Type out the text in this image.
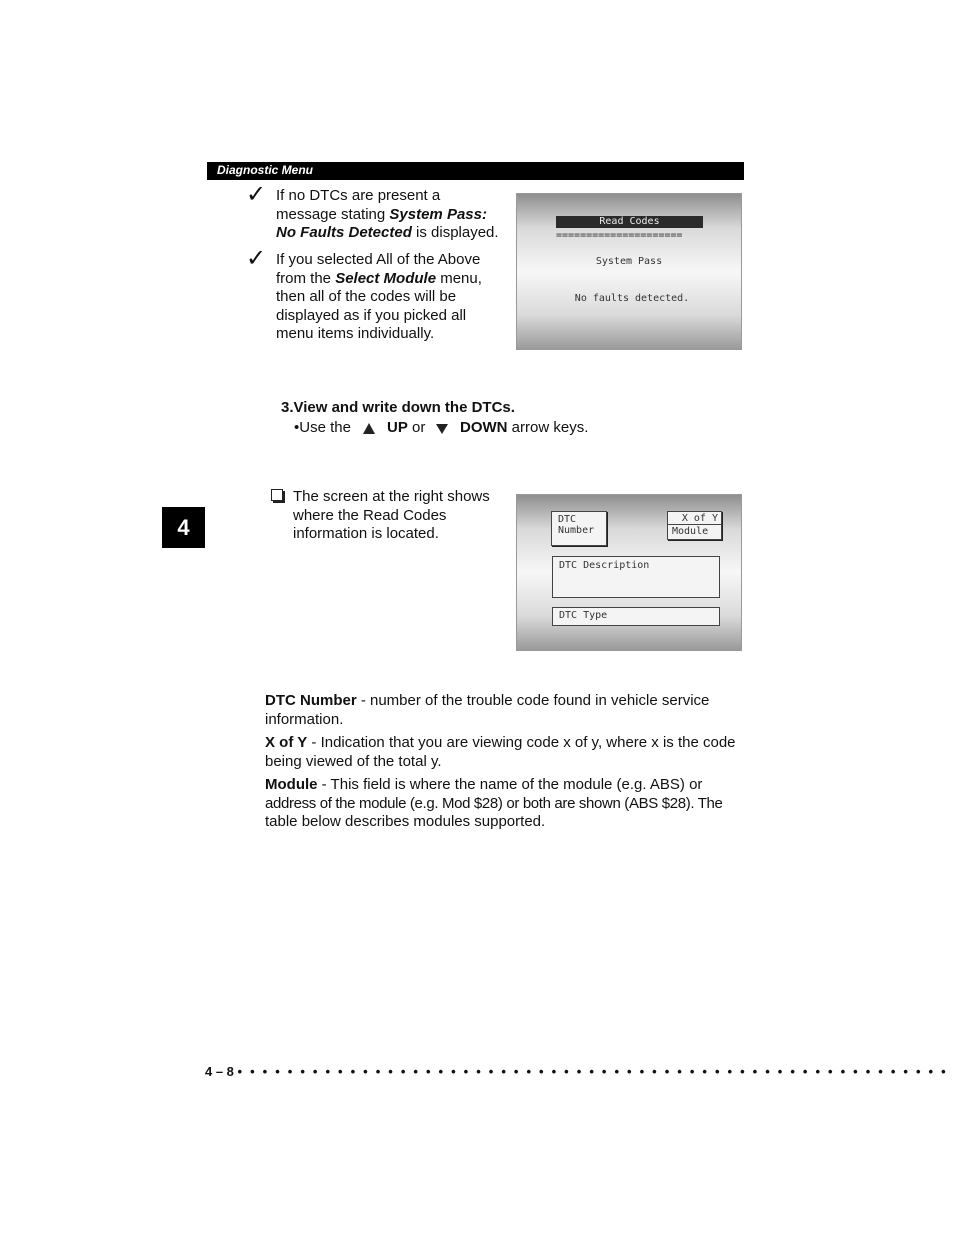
Diagnostic Menu
✓ If no DTCs are present a
message stating System Pass:
No Faults Detected is displayed.
✓ If you selected All of the Above
from the Select Module menu,
then all of the codes will be
displayed as if you picked all
menu items individually.
Read Codes
=====================
System Pass
No faults detected.
3.View and write down the DTCs.
•Use the UP or DOWN arrow keys.
The screen at the right shows
where the Read Codes
information is located.
DTC
Number
X of Y
Module
DTC Description
DTC Type
4
DTC Number - number of the trouble code found in vehicle service
information.
X of Y - Indication that you are viewing code x of y, where x is the code
being viewed of the total y.
Module - This field is where the name of the module (e.g. ABS) or
address of the module (e.g. Mod $28) or both are shown (ABS $28). The
table below describes modules supported.
4 – 8 • • • • • • • • • • • • • • • • • • • • • • • • • • • • • • • • • • • • • • • • • • • • • • • • • • • • • • • • •
